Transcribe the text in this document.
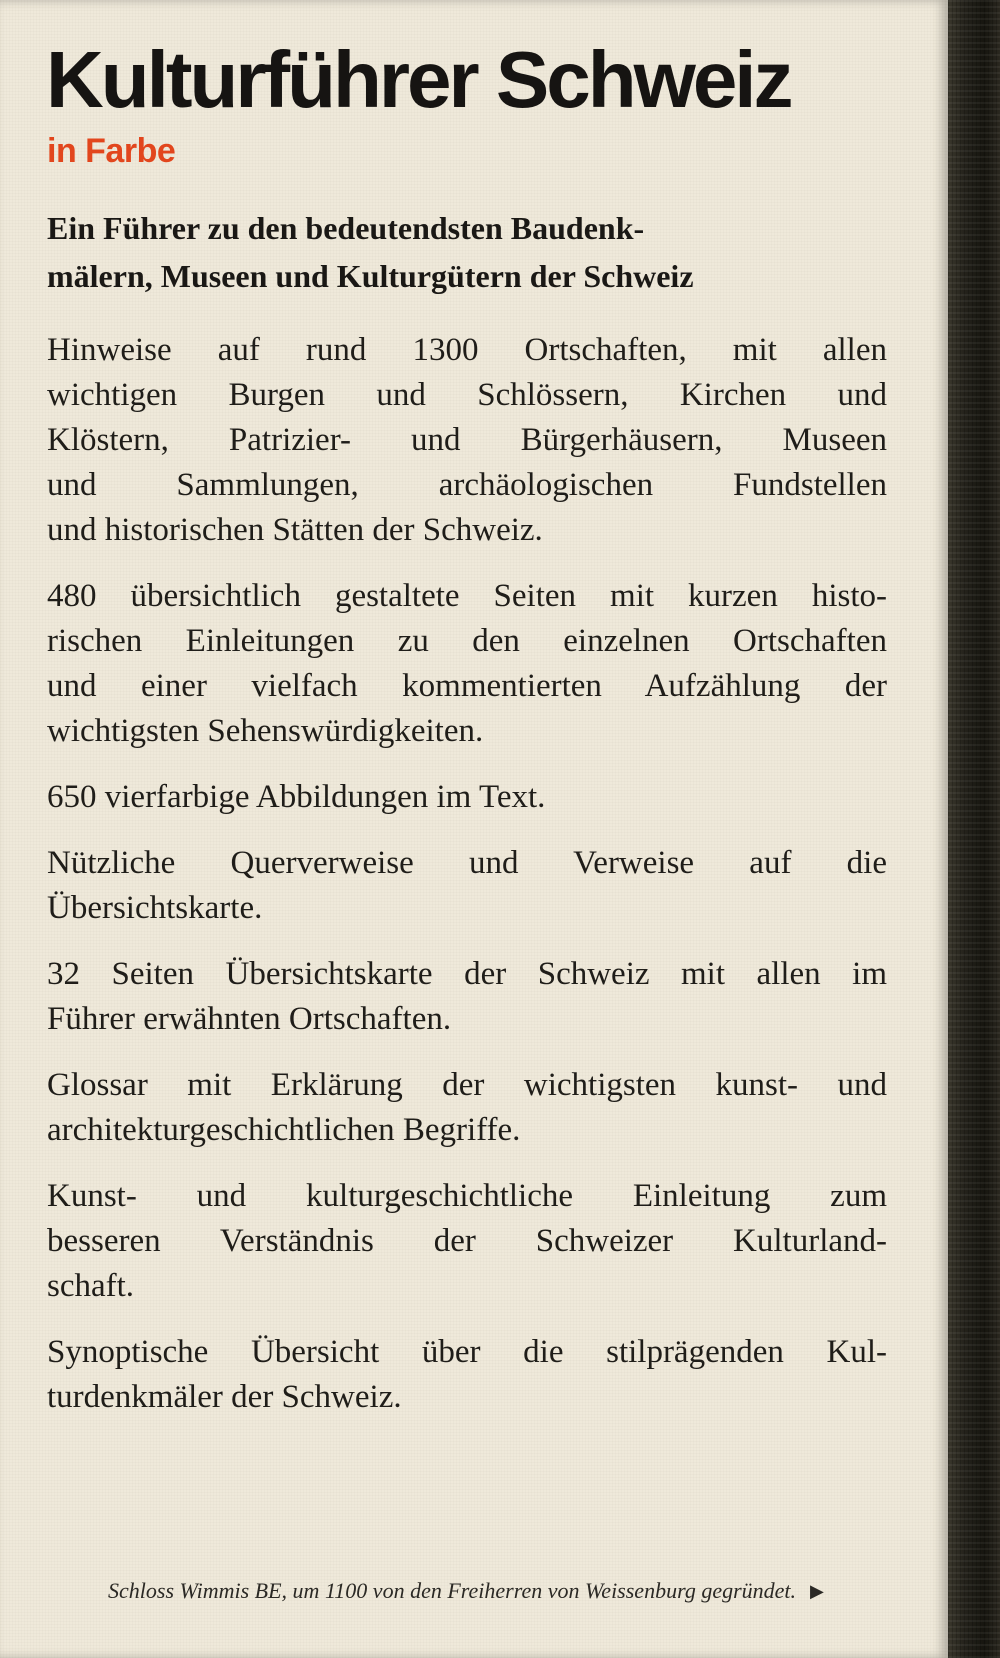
Kulturführer Schweiz
in Farbe
Ein Führer zu den bedeutendsten Baudenk-
mälern, Museen und Kulturgütern der Schweiz

Hinweise auf rund 1300 Ortschaften, mit allen
wichtigen Burgen und Schlössern, Kirchen und
Klöstern, Patrizier- und Bürgerhäusern, Museen
und Sammlungen, archäologischen Fundstellen
und historischen Stätten der Schweiz.

480 übersichtlich gestaltete Seiten mit kurzen histo-
rischen Einleitungen zu den einzelnen Ortschaften
und einer vielfach kommentierten Aufzählung der
wichtigsten Sehenswürdigkeiten.

650 vierfarbige Abbildungen im Text.

Nützliche Querverweise und Verweise auf die
Übersichtskarte.

32 Seiten Übersichtskarte der Schweiz mit allen im
Führer erwähnten Ortschaften.

Glossar mit Erklärung der wichtigsten kunst- und
architekturgeschichtlichen Begriffe.

Kunst- und kulturgeschichtliche Einleitung zum
besseren Verständnis der Schweizer Kulturland-
schaft.

Synoptische Übersicht über die stilprägenden Kul-
turdenkmäler der Schweiz.

Schloss Wimmis BE, um 1100 von den Freiherren von Weissenburg gegründet. ▶
